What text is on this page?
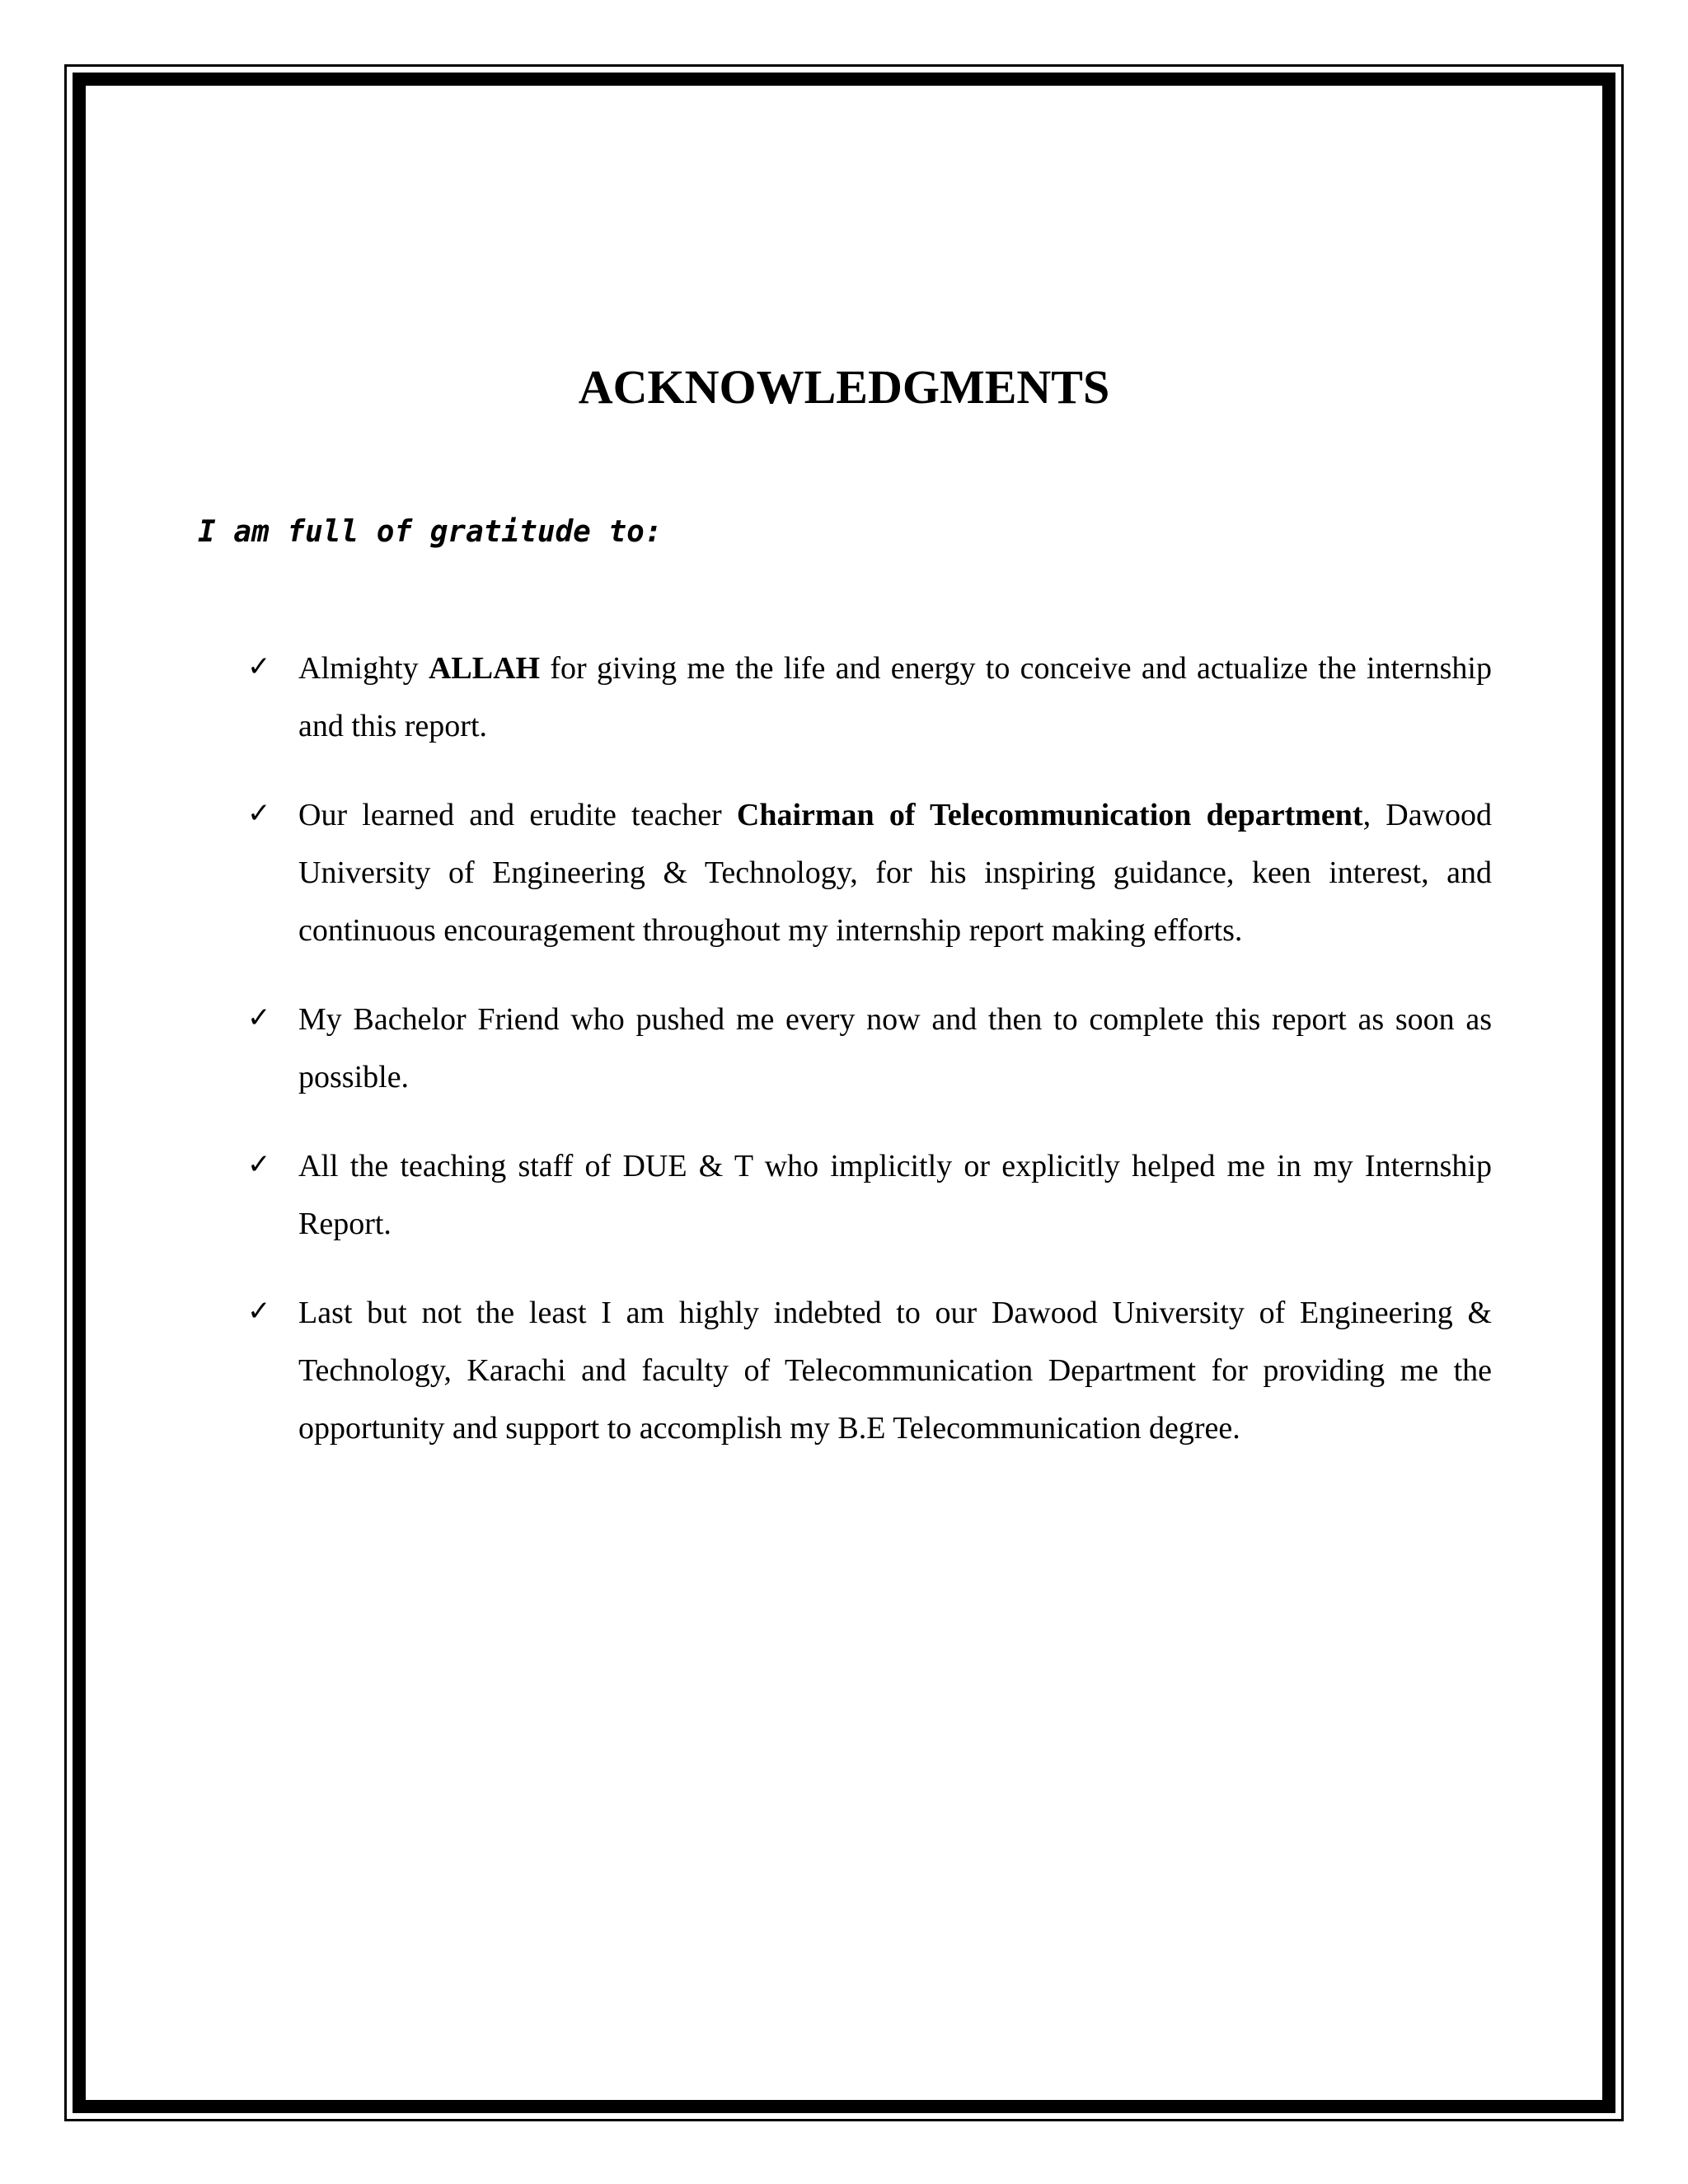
ACKNOWLEDGMENTS

I am full of gratitude to:

✓ Almighty ALLAH for giving me the life and energy to conceive and actualize the internship and this report.
✓ Our learned and erudite teacher Chairman of Telecommunication department, Dawood University of Engineering & Technology, for his inspiring guidance, keen interest, and continuous encouragement throughout my internship report making efforts.
✓ My Bachelor Friend who pushed me every now and then to complete this report as soon as possible.
✓ All the teaching staff of DUE & T who implicitly or explicitly helped me in my Internship Report.
✓ Last but not the least I am highly indebted to our Dawood University of Engineering & Technology, Karachi and faculty of Telecommunication Department for providing me the opportunity and support to accomplish my B.E Telecommunication degree.
